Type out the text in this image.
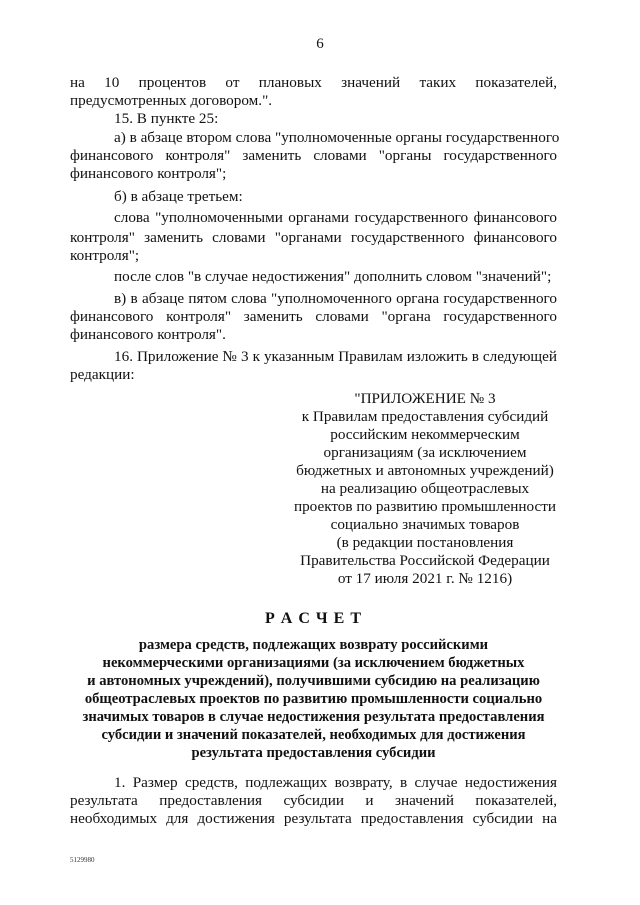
6
на 10 процентов от плановых значений таких показателей,
предусмотренных договором.".
15. В пункте 25:
а) в абзаце втором слова "уполномоченные органы государственного
финансового контроля" заменить словами "органы государственного
финансового контроля";
б) в абзаце третьем:
слова "уполномоченными органами государственного финансового
контроля" заменить словами "органами государственного финансового
контроля";
после слов "в случае недостижения" дополнить словом "значений";
в) в абзаце пятом слова "уполномоченного органа государственного
финансового контроля" заменить словами "органа государственного
финансового контроля".
16. Приложение № 3 к указанным Правилам изложить в следующей
редакции:
"ПРИЛОЖЕНИЕ № 3
к Правилам предоставления субсидий
российским некоммерческим
организациям (за исключением
бюджетных и автономных учреждений)
на реализацию общеотраслевых
проектов по развитию промышленности
социально значимых товаров
(в редакции постановления
Правительства Российской Федерации
от 17 июля 2021 г. № 1216)
Р А С Ч Е Т
размера средств, подлежащих возврату российскими
некоммерческими организациями (за исключением бюджетных
и автономных учреждений), получившими субсидию на реализацию
общеотраслевых проектов по развитию промышленности социально
значимых товаров в случае недостижения результата предоставления
субсидии и значений показателей, необходимых для достижения
результата предоставления субсидии
1. Размер средств, подлежащих возврату, в случае недостижения
результата предоставления субсидии и значений показателей,
необходимых для достижения результата предоставления субсидии на
5129980
